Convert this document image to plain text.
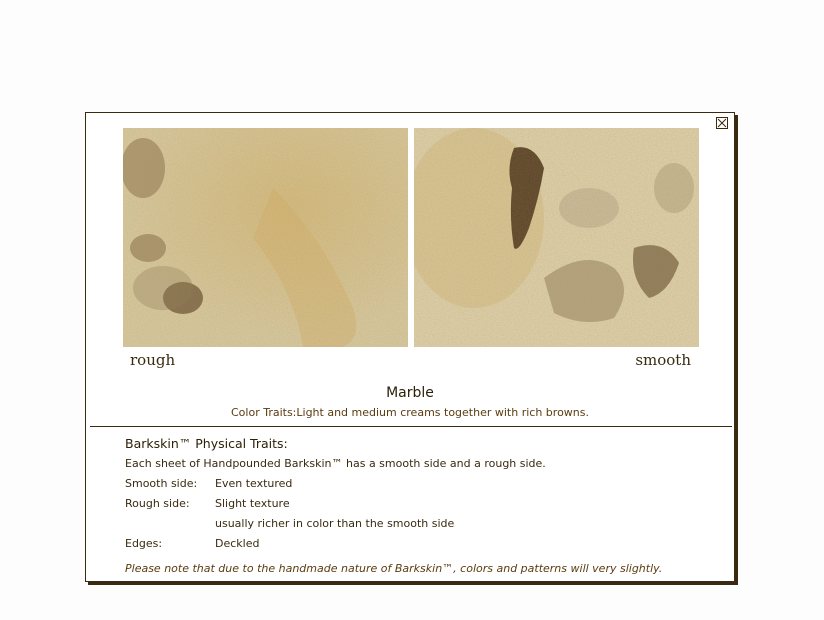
rough	smooth
Marble
Color Traits:Light and medium creams together with rich browns.
Barkskin™ Physical Traits:
Each sheet of Handpounded Barkskin™ has a smooth side and a rough side.
Smooth side: Even textured
Rough side: Slight texture
usually richer in color than the smooth side
Edges:	Deckled
Please note that due to the handmade nature of Barkskin™, colors and patterns will very slightly.
